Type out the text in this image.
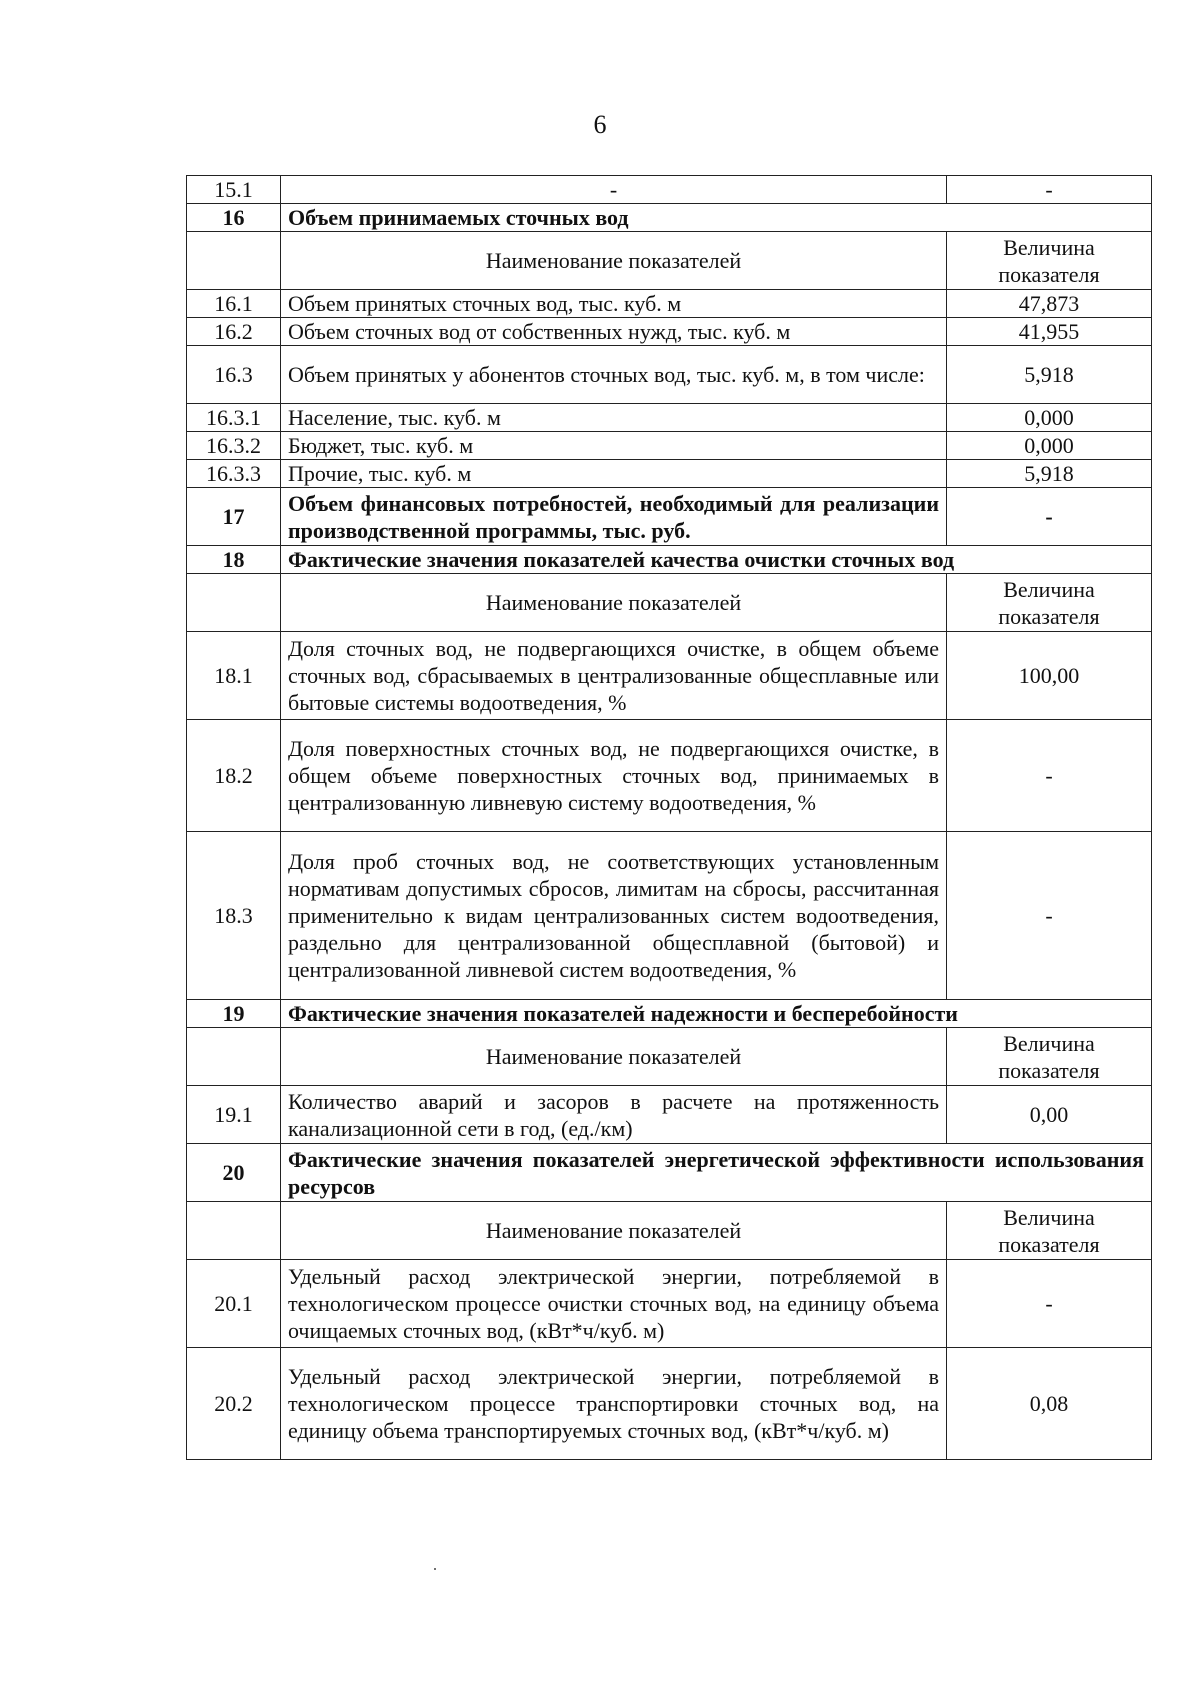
6
15.1	-	-
16	Объем принимаемых сточных вод	
	Наименование показателей	Величина показателя
16.1	Объем принятых сточных вод, тыс. куб. м	47,873
16.2	Объем сточных вод от собственных нужд, тыс. куб. м	41,955
16.3	Объем принятых у абонентов сточных вод, тыс. куб. м, в том числе:	5,918
16.3.1	Население, тыс. куб. м	0,000
16.3.2	Бюджет, тыс. куб. м	0,000
16.3.3	Прочие, тыс. куб. м	5,918
17	Объем финансовых потребностей, необходимый для реализации производственной программы, тыс. руб.	-
18	Фактические значения показателей качества очистки сточных вод	
	Наименование показателей	Величина показателя
18.1	Доля сточных вод, не подвергающихся очистке, в общем объеме сточных вод, сбрасываемых в централизованные общесплавные или бытовые системы водоотведения, %	100,00
18.2	Доля поверхностных сточных вод, не подвергающихся очистке, в общем объеме поверхностных сточных вод, принимаемых в централизованную ливневую систему водоотведения, %	-
18.3	Доля проб сточных вод, не соответствующих установленным нормативам допустимых сбросов, лимитам на сбросы, рассчитанная применительно к видам централизованных систем водоотведения, раздельно для централизованной общесплавной (бытовой) и централизованной ливневой систем водоотведения, %	-
19	Фактические значения показателей надежности и бесперебойности	
	Наименование показателей	Величина показателя
19.1	Количество аварий и засоров в расчете на протяженность канализационной сети в год, (ед./км)	0,00
20	Фактические значения показателей энергетической эффективности использования ресурсов	
	Наименование показателей	Величина показателя
20.1	Удельный расход электрической энергии, потребляемой в технологическом процессе очистки сточных вод, на единицу объема очищаемых сточных вод, (кВт*ч/куб. м)	-
20.2	Удельный расход электрической энергии, потребляемой в технологическом процессе транспортировки сточных вод, на единицу объема транспортируемых сточных вод, (кВт*ч/куб. м)	0,08
